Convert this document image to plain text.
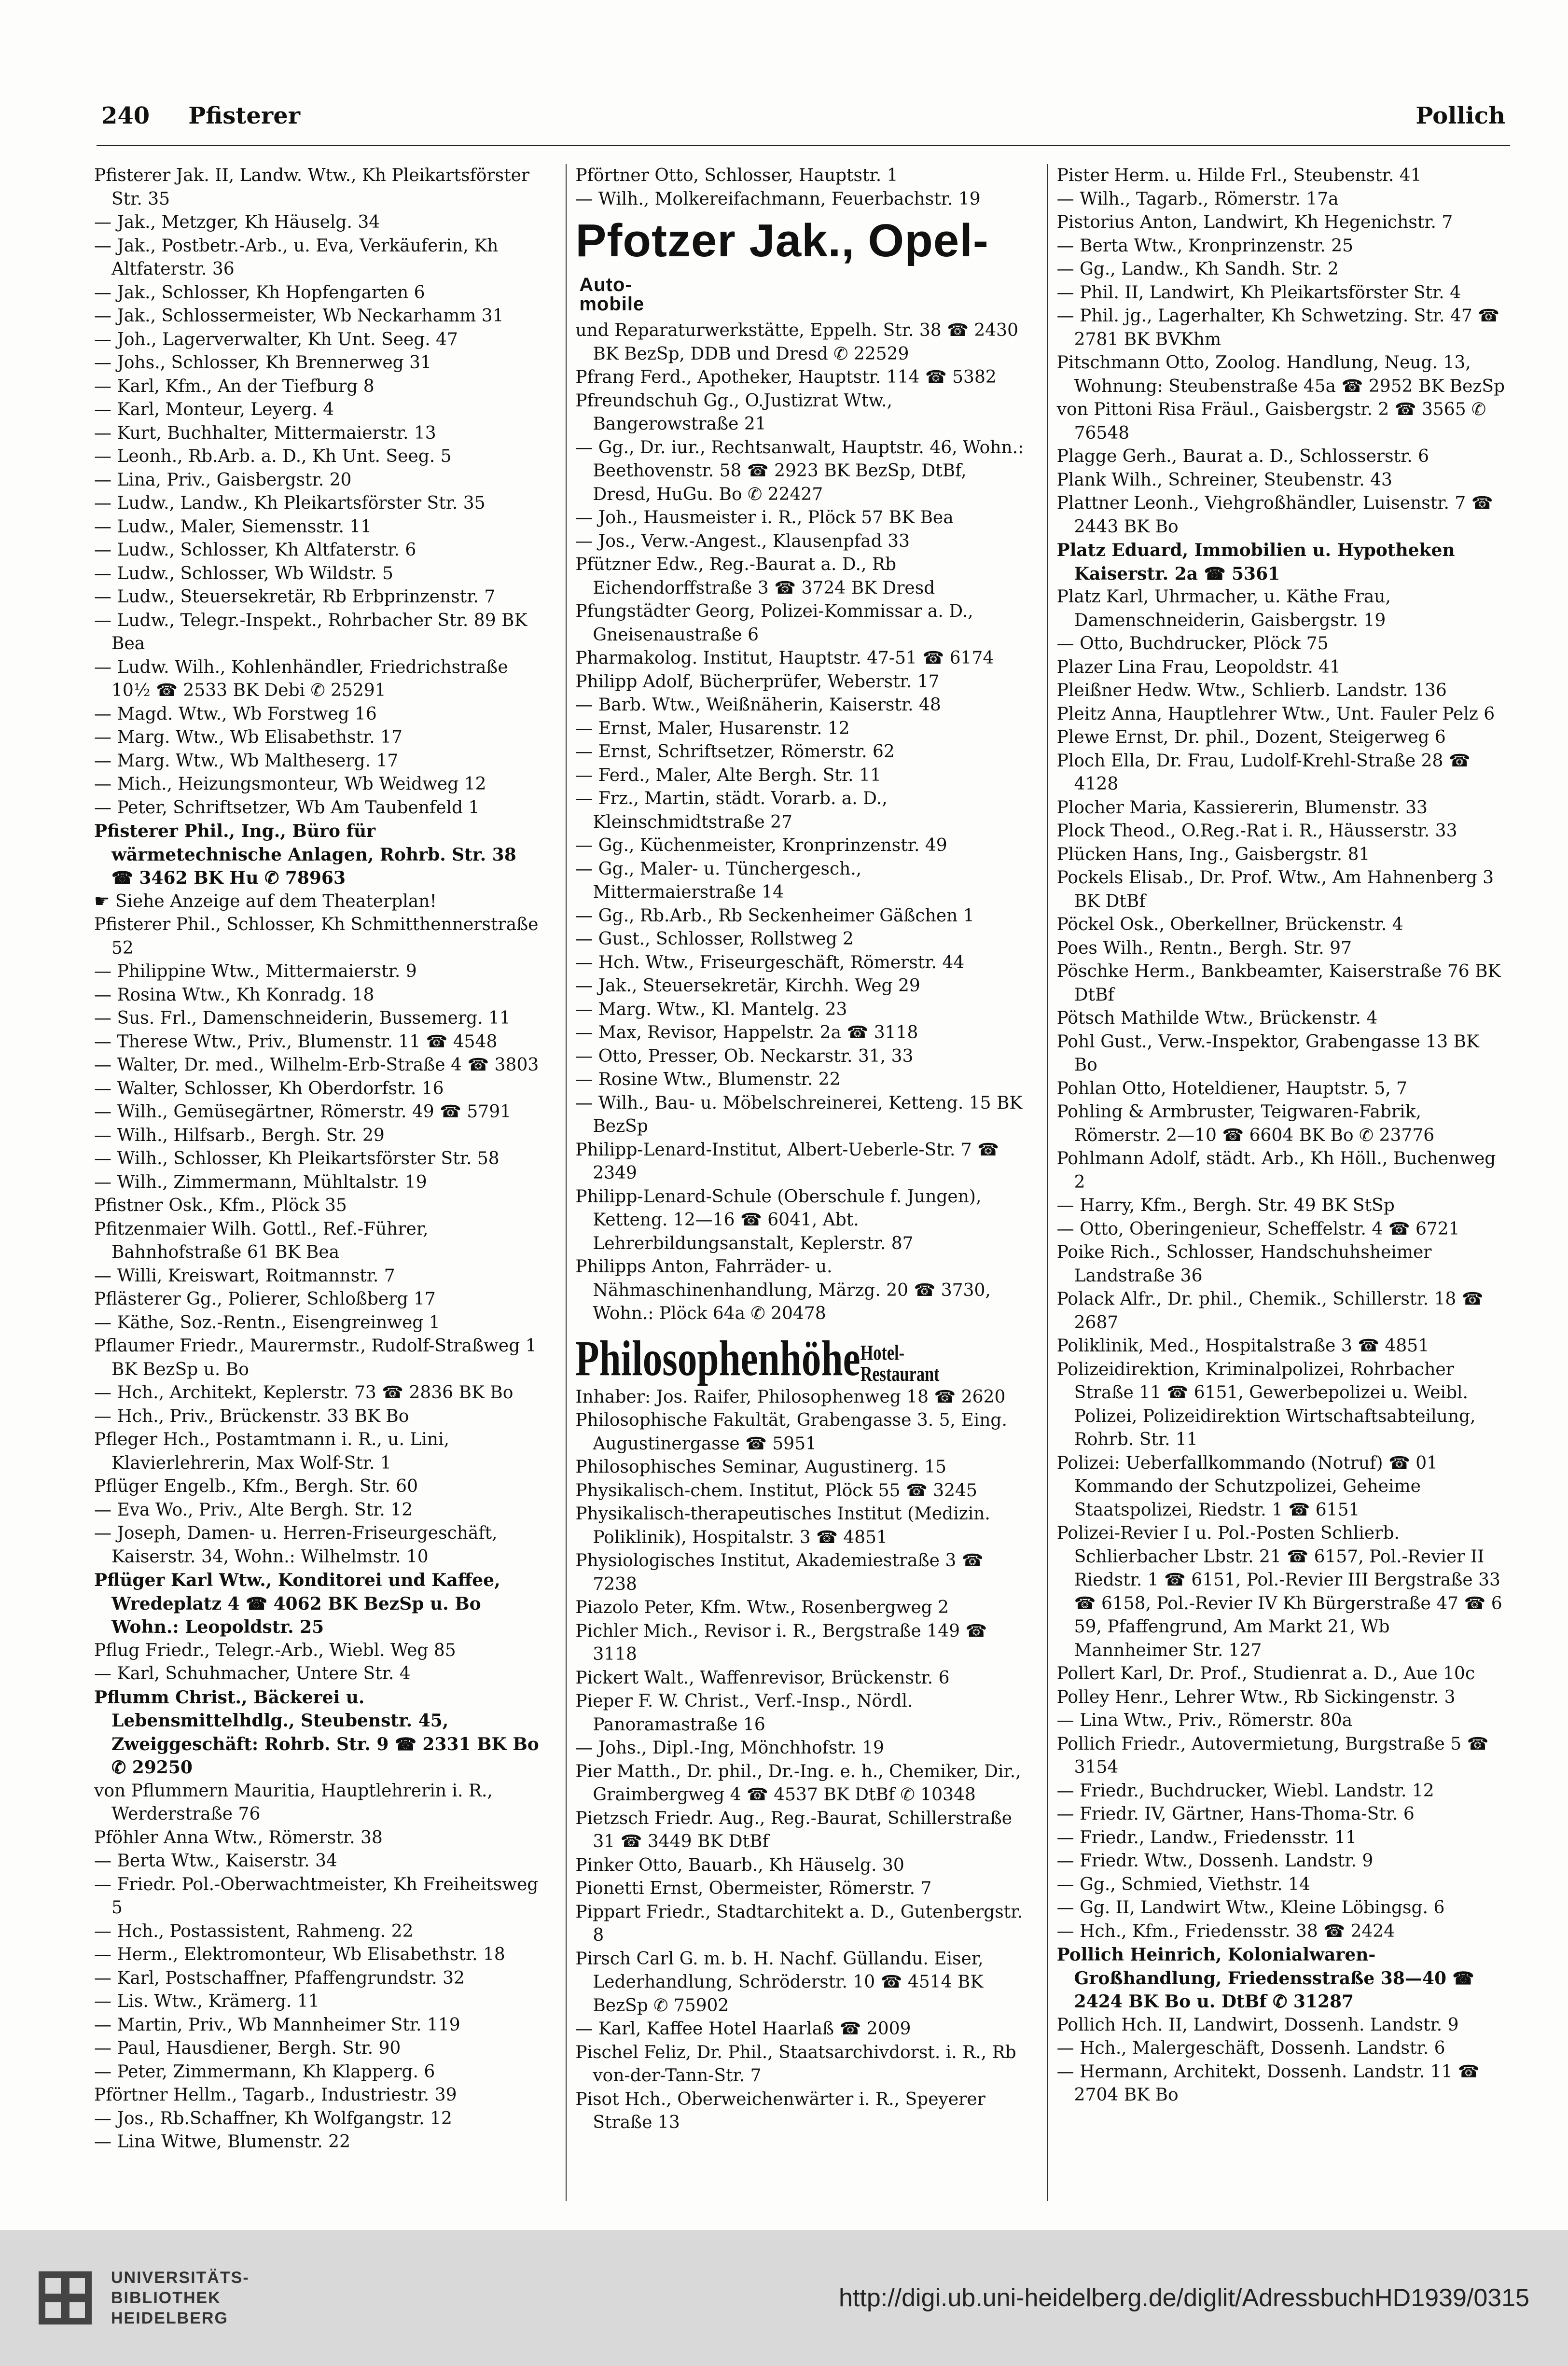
240 Pfisterer	Pollich

Pfisterer Jak. II, Landw. Wtw., Kh Pleikartsförster Str. 35

— Jak., Metzger, Kh Häuselg. 34

— Jak., Postbetr.-Arb., u. Eva, Verkäuferin, Kh Altfaterstr. 36

— Jak., Schlosser, Kh Hopfengarten 6

— Jak., Schlossermeister, Wb Neckarhamm 31

— Joh., Lagerverwalter, Kh Unt. Seeg. 47

— Johs., Schlosser, Kh Brennerweg 31

— Karl, Kfm., An der Tiefburg 8

— Karl, Monteur, Leyerg. 4

— Kurt, Buchhalter, Mittermaierstr. 13

— Leonh., Rb.Arb. a. D., Kh Unt. Seeg. 5

— Lina, Priv., Gaisbergstr. 20

— Ludw., Landw., Kh Pleikartsförster Str. 35

— Ludw., Maler, Siemensstr. 11

— Ludw., Schlosser, Kh Altfaterstr. 6

— Ludw., Schlosser, Wb Wildstr. 5

— Ludw., Steuersekretär, Rb Erbprinzenstr. 7

— Ludw., Telegr.-Inspekt., Rohrbacher Str. 89 BK Bea

— Ludw. Wilh., Kohlenhändler, Friedrichstraße 10½ ☎ 2533 BK Debi ✆ 25291

— Magd. Wtw., Wb Forstweg 16

— Marg. Wtw., Wb Elisabethstr. 17

— Marg. Wtw., Wb Maltheserg. 17

— Mich., Heizungsmonteur, Wb Weidweg 12

— Peter, Schriftsetzer, Wb Am Taubenfeld 1

Pfisterer Phil., Ing., Büro für wärmetechnische Anlagen, Rohrb. Str. 38 ☎ 3462 BK Hu ✆ 78963

☛ Siehe Anzeige auf dem Theaterplan!

Pfisterer Phil., Schlosser, Kh Schmitthennerstraße 52

— Philippine Wtw., Mittermaierstr. 9

— Rosina Wtw., Kh Konradg. 18

— Sus. Frl., Damenschneiderin, Bussemerg. 11

— Therese Wtw., Priv., Blumenstr. 11 ☎ 4548

— Walter, Dr. med., Wilhelm-Erb-Straße 4 ☎ 3803

— Walter, Schlosser, Kh Oberdorfstr. 16

— Wilh., Gemüsegärtner, Römerstr. 49 ☎ 5791

— Wilh., Hilfsarb., Bergh. Str. 29

— Wilh., Schlosser, Kh Pleikartsförster Str. 58

— Wilh., Zimmermann, Mühltalstr. 19

Pfistner Osk., Kfm., Plöck 35

Pfitzenmaier Wilh. Gottl., Ref.-Führer, Bahnhofstraße 61 BK Bea

— Willi, Kreiswart, Roitmannstr. 7

Pflästerer Gg., Polierer, Schloßberg 17

— Käthe, Soz.-Rentn., Eisengreinweg 1

Pflaumer Friedr., Maurermstr., Rudolf-Straßweg 1 BK BezSp u. Bo

— Hch., Architekt, Keplerstr. 73 ☎ 2836 BK Bo

— Hch., Priv., Brückenstr. 33 BK Bo

Pfleger Hch., Postamtmann i. R., u. Lini, Klavierlehrerin, Max Wolf-Str. 1

Pflüger Engelb., Kfm., Bergh. Str. 60

— Eva Wo., Priv., Alte Bergh. Str. 12

— Joseph, Damen- u. Herren-Friseurgeschäft, Kaiserstr. 34, Wohn.: Wilhelmstr. 10

Pflüger Karl Wtw., Konditorei und Kaffee, Wredeplatz 4 ☎ 4062 BK BezSp u. Bo Wohn.: Leopoldstr. 25

Pflug Friedr., Telegr.-Arb., Wiebl. Weg 85

— Karl, Schuhmacher, Untere Str. 4

Pflumm Christ., Bäckerei u. Lebensmittelhdlg., Steubenstr. 45, Zweiggeschäft: Rohrb. Str. 9 ☎ 2331 BK Bo ✆ 29250

von Pflummern Mauritia, Hauptlehrerin i. R., Werderstraße 76

Pföhler Anna Wtw., Römerstr. 38

— Berta Wtw., Kaiserstr. 34

— Friedr. Pol.-Oberwachtmeister, Kh Freiheitsweg 5

— Hch., Postassistent, Rahmeng. 22

— Herm., Elektromonteur, Wb Elisabethstr. 18

— Karl, Postschaffner, Pfaffengrundstr. 32

— Lis. Wtw., Krämerg. 11

— Martin, Priv., Wb Mannheimer Str. 119

— Paul, Hausdiener, Bergh. Str. 90

— Peter, Zimmermann, Kh Klapperg. 6

Pförtner Hellm., Tagarb., Industriestr. 39

— Jos., Rb.Schaffner, Kh Wolfgangstr. 12

— Lina Witwe, Blumenstr. 22

Pförtner Otto, Schlosser, Hauptstr. 1

— Wilh., Molkereifachmann, Feuerbachstr. 19

Pfotzer Jak., Opel-
Auto-
mobile

und Reparaturwerkstätte, Eppelh. Str. 38 ☎ 2430 BK BezSp, DDB und Dresd ✆ 22529

Pfrang Ferd., Apotheker, Hauptstr. 114 ☎ 5382

Pfreundschuh Gg., O.Justizrat Wtw., Bangerowstraße 21

— Gg., Dr. iur., Rechtsanwalt, Hauptstr. 46, Wohn.: Beethovenstr. 58 ☎ 2923 BK BezSp, DtBf, Dresd, HuGu. Bo ✆ 22427

— Joh., Hausmeister i. R., Plöck 57 BK Bea

— Jos., Verw.-Angest., Klausenpfad 33

Pfützner Edw., Reg.-Baurat a. D., Rb Eichendorffstraße 3 ☎ 3724 BK Dresd

Pfungstädter Georg, Polizei-Kommissar a. D., Gneisenaustraße 6

Pharmakolog. Institut, Hauptstr. 47-51 ☎ 6174

Philipp Adolf, Bücherprüfer, Weberstr. 17

— Barb. Wtw., Weißnäherin, Kaiserstr. 48

— Ernst, Maler, Husarenstr. 12

— Ernst, Schriftsetzer, Römerstr. 62

— Ferd., Maler, Alte Bergh. Str. 11

— Frz., Martin, städt. Vorarb. a. D., Kleinschmidtstraße 27

— Gg., Küchenmeister, Kronprinzenstr. 49

— Gg., Maler- u. Tünchergesch., Mittermaierstraße 14

— Gg., Rb.Arb., Rb Seckenheimer Gäßchen 1

— Gust., Schlosser, Rollstweg 2

— Hch. Wtw., Friseurgeschäft, Römerstr. 44

— Jak., Steuersekretär, Kirchh. Weg 29

— Marg. Wtw., Kl. Mantelg. 23

— Max, Revisor, Happelstr. 2a ☎ 3118

— Otto, Presser, Ob. Neckarstr. 31, 33

— Rosine Wtw., Blumenstr. 22

— Wilh., Bau- u. Möbelschreinerei, Ketteng. 15 BK BezSp

Philipp-Lenard-Institut, Albert-Ueberle-Str. 7 ☎ 2349

Philipp-Lenard-Schule (Oberschule f. Jungen), Ketteng. 12—16 ☎ 6041, Abt. Lehrerbildungsanstalt, Keplerstr. 87

Philipps Anton, Fahrräder- u. Nähmaschinenhandlung, Märzg. 20 ☎ 3730, Wohn.: Plöck 64a ✆ 20478

Philosophenhöhe Hotel-
Restaurant

Inhaber: Jos. Raifer, Philosophenweg 18 ☎ 2620

Philosophische Fakultät, Grabengasse 3. 5, Eing. Augustinergasse ☎ 5951

Philosophisches Seminar, Augustinerg. 15

Physikalisch-chem. Institut, Plöck 55 ☎ 3245

Physikalisch-therapeutisches Institut (Medizin. Poliklinik), Hospitalstr. 3 ☎ 4851

Physiologisches Institut, Akademiestraße 3 ☎ 7238

Piazolo Peter, Kfm. Wtw., Rosenbergweg 2

Pichler Mich., Revisor i. R., Bergstraße 149 ☎ 3118

Pickert Walt., Waffenrevisor, Brückenstr. 6

Pieper F. W. Christ., Verf.-Insp., Nördl. Panoramastraße 16

— Johs., Dipl.-Ing, Mönchhofstr. 19

Pier Matth., Dr. phil., Dr.-Ing. e. h., Chemiker, Dir., Graimbergweg 4 ☎ 4537 BK DtBf ✆ 10348

Pietzsch Friedr. Aug., Reg.-Baurat, Schillerstraße 31 ☎ 3449 BK DtBf

Pinker Otto, Bauarb., Kh Häuselg. 30

Pionetti Ernst, Obermeister, Römerstr. 7

Pippart Friedr., Stadtarchitekt a. D., Gutenbergstr. 8

Pirsch Carl G. m. b. H. Nachf. Güllandu. Eiser, Lederhandlung, Schröderstr. 10 ☎ 4514 BK BezSp ✆ 75902

— Karl, Kaffee Hotel Haarlaß ☎ 2009

Pischel Feliz, Dr. Phil., Staatsarchivdorst. i. R., Rb von-der-Tann-Str. 7

Pisot Hch., Oberweichenwärter i. R., Speyerer Straße 13

Pister Herm. u. Hilde Frl., Steubenstr. 41

— Wilh., Tagarb., Römerstr. 17a

Pistorius Anton, Landwirt, Kh Hegenichstr. 7

— Berta Wtw., Kronprinzenstr. 25

— Gg., Landw., Kh Sandh. Str. 2

— Phil. II, Landwirt, Kh Pleikartsförster Str. 4

— Phil. jg., Lagerhalter, Kh Schwetzing. Str. 47 ☎ 2781 BK BVKhm

Pitschmann Otto, Zoolog. Handlung, Neug. 13, Wohnung: Steubenstraße 45a ☎ 2952 BK BezSp

von Pittoni Risa Fräul., Gaisbergstr. 2 ☎ 3565 ✆ 76548

Plagge Gerh., Baurat a. D., Schlosserstr. 6

Plank Wilh., Schreiner, Steubenstr. 43

Plattner Leonh., Viehgroßhändler, Luisenstr. 7 ☎ 2443 BK Bo

Platz Eduard, Immobilien u. Hypotheken Kaiserstr. 2a ☎ 5361

Platz Karl, Uhrmacher, u. Käthe Frau, Damenschneiderin, Gaisbergstr. 19

— Otto, Buchdrucker, Plöck 75

Plazer Lina Frau, Leopoldstr. 41

Pleißner Hedw. Wtw., Schlierb. Landstr. 136

Pleitz Anna, Hauptlehrer Wtw., Unt. Fauler Pelz 6

Plewe Ernst, Dr. phil., Dozent, Steigerweg 6

Ploch Ella, Dr. Frau, Ludolf-Krehl-Straße 28 ☎ 4128

Plocher Maria, Kassiererin, Blumenstr. 33

Plock Theod., O.Reg.-Rat i. R., Häusserstr. 33

Plücken Hans, Ing., Gaisbergstr. 81

Pockels Elisab., Dr. Prof. Wtw., Am Hahnenberg 3 BK DtBf

Pöckel Osk., Oberkellner, Brückenstr. 4

Poes Wilh., Rentn., Bergh. Str. 97

Pöschke Herm., Bankbeamter, Kaiserstraße 76 BK DtBf

Pötsch Mathilde Wtw., Brückenstr. 4

Pohl Gust., Verw.-Inspektor, Grabengasse 13 BK Bo

Pohlan Otto, Hoteldiener, Hauptstr. 5, 7

Pohling & Armbruster, Teigwaren-Fabrik, Römerstr. 2—10 ☎ 6604 BK Bo ✆ 23776

Pohlmann Adolf, städt. Arb., Kh Höll., Buchenweg 2

— Harry, Kfm., Bergh. Str. 49 BK StSp

— Otto, Oberingenieur, Scheffelstr. 4 ☎ 6721

Poike Rich., Schlosser, Handschuhsheimer Landstraße 36

Polack Alfr., Dr. phil., Chemik., Schillerstr. 18 ☎ 2687

Poliklinik, Med., Hospitalstraße 3 ☎ 4851

Polizeidirektion, Kriminalpolizei, Rohrbacher Straße 11 ☎ 6151, Gewerbepolizei u. Weibl. Polizei, Polizeidirektion Wirtschaftsabteilung, Rohrb. Str. 11

Polizei: Ueberfallkommando (Notruf) ☎ 01 Kommando der Schutzpolizei, Geheime Staatspolizei, Riedstr. 1 ☎ 6151

Polizei-Revier I u. Pol.-Posten Schlierb. Schlierbacher Lbstr. 21 ☎ 6157, Pol.-Revier II Riedstr. 1 ☎ 6151, Pol.-Revier III Bergstraße 33 ☎ 6158, Pol.-Revier IV Kh Bürgerstraße 47 ☎ 6 59, Pfaffengrund, Am Markt 21, Wb Mannheimer Str. 127

Pollert Karl, Dr. Prof., Studienrat a. D., Aue 10c

Polley Henr., Lehrer Wtw., Rb Sickingenstr. 3

— Lina Wtw., Priv., Römerstr. 80a

Pollich Friedr., Autovermietung, Burgstraße 5 ☎ 3154

— Friedr., Buchdrucker, Wiebl. Landstr. 12

— Friedr. IV, Gärtner, Hans-Thoma-Str. 6

— Friedr., Landw., Friedensstr. 11

— Friedr. Wtw., Dossenh. Landstr. 9

— Gg., Schmied, Viethstr. 14

— Gg. II, Landwirt Wtw., Kleine Löbingsg. 6

— Hch., Kfm., Friedensstr. 38 ☎ 2424

Pollich Heinrich, Kolonialwaren-Großhandlung, Friedensstraße 38—40 ☎ 2424 BK Bo u. DtBf ✆ 31287

Pollich Hch. II, Landwirt, Dossenh. Landstr. 9

— Hch., Malergeschäft, Dossenh. Landstr. 6

— Hermann, Architekt, Dossenh. Landstr. 11 ☎ 2704 BK Bo

UNIVERSITÄTS-
BIBLIOTHEK
HEIDELBERG
http://digi.ub.uni-heidelberg.de/diglit/AdressbuchHD1939/0315
